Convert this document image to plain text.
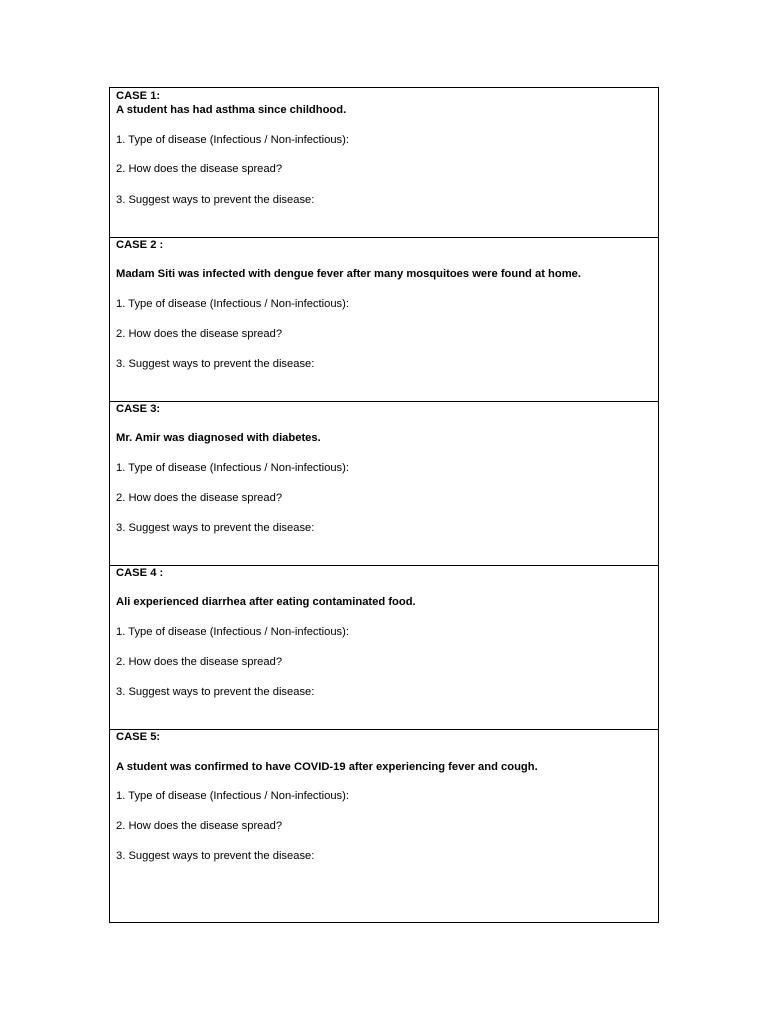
CASE 1:
A student has had asthma since childhood.
1. Type of disease (Infectious / Non-infectious):
2. How does the disease spread?
3. Suggest ways to prevent the disease:

CASE 2 :
Madam Siti was infected with dengue fever after many mosquitoes were found at home.
1. Type of disease (Infectious / Non-infectious):
2. How does the disease spread?
3. Suggest ways to prevent the disease:

CASE 3:
Mr. Amir was diagnosed with diabetes.
1. Type of disease (Infectious / Non-infectious):
2. How does the disease spread?
3. Suggest ways to prevent the disease:

CASE 4 :
Ali experienced diarrhea after eating contaminated food.
1. Type of disease (Infectious / Non-infectious):
2. How does the disease spread?
3. Suggest ways to prevent the disease:

CASE 5:
A student was confirmed to have COVID-19 after experiencing fever and cough.
1. Type of disease (Infectious / Non-infectious):
2. How does the disease spread?
3. Suggest ways to prevent the disease:
